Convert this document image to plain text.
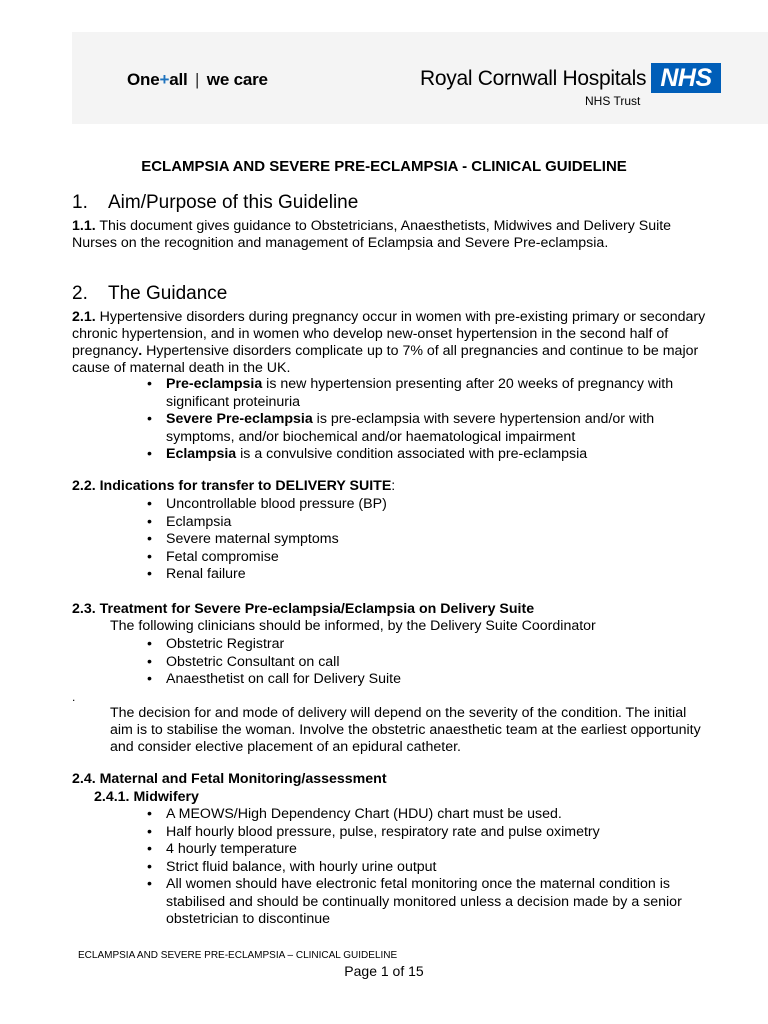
One+all | we care	Royal Cornwall Hospitals
NHS Trust
NHS
ECLAMPSIA AND SEVERE PRE-ECLAMPSIA - CLINICAL GUIDELINE
1. Aim/Purpose of this Guideline

1.1. This document gives guidance to Obstetricians, Anaesthetists, Midwives and Delivery Suite Nurses on the recognition and management of Eclampsia and Severe Pre-eclampsia.

2. The Guidance

2.1. Hypertensive disorders during pregnancy occur in women with pre-existing primary or secondary chronic hypertension, and in women who develop new-onset hypertension in the second half of pregnancy. Hypertensive disorders complicate up to 7% of all pregnancies and continue to be major cause of maternal death in the UK.

• Pre-eclampsia is new hypertension presenting after 20 weeks of pregnancy with significant proteinuria
• Severe Pre-eclampsia is pre-eclampsia with severe hypertension and/or with symptoms, and/or biochemical and/or haematological impairment
• Eclampsia is a convulsive condition associated with pre-eclampsia
2.2. Indications for transfer to DELIVERY SUITE:
• Uncontrollable blood pressure (BP)
• Eclampsia
• Severe maternal symptoms
• Fetal compromise
• Renal failure
2.3. Treatment for Severe Pre-eclampsia/Eclampsia on Delivery Suite
The following clinicians should be informed, by the Delivery Suite Coordinator
• Obstetric Registrar
• Obstetric Consultant on call
• Anaesthetist on call for Delivery Suite
.
The decision for and mode of delivery will depend on the severity of the condition. The initial aim is to stabilise the woman. Involve the obstetric anaesthetic team at the earliest opportunity and consider elective placement of an epidural catheter.
2.4. Maternal and Fetal Monitoring/assessment
2.4.1. Midwifery
• A MEOWS/High Dependency Chart (HDU) chart must be used.
• Half hourly blood pressure, pulse, respiratory rate and pulse oximetry
• 4 hourly temperature
• Strict fluid balance, with hourly urine output
• All women should have electronic fetal monitoring once the maternal condition is stabilised and should be continually monitored unless a decision made by a senior obstetrician to discontinue
ECLAMPSIA AND SEVERE PRE-ECLAMPSIA – CLINICAL GUIDELINE
Page 1 of 15
